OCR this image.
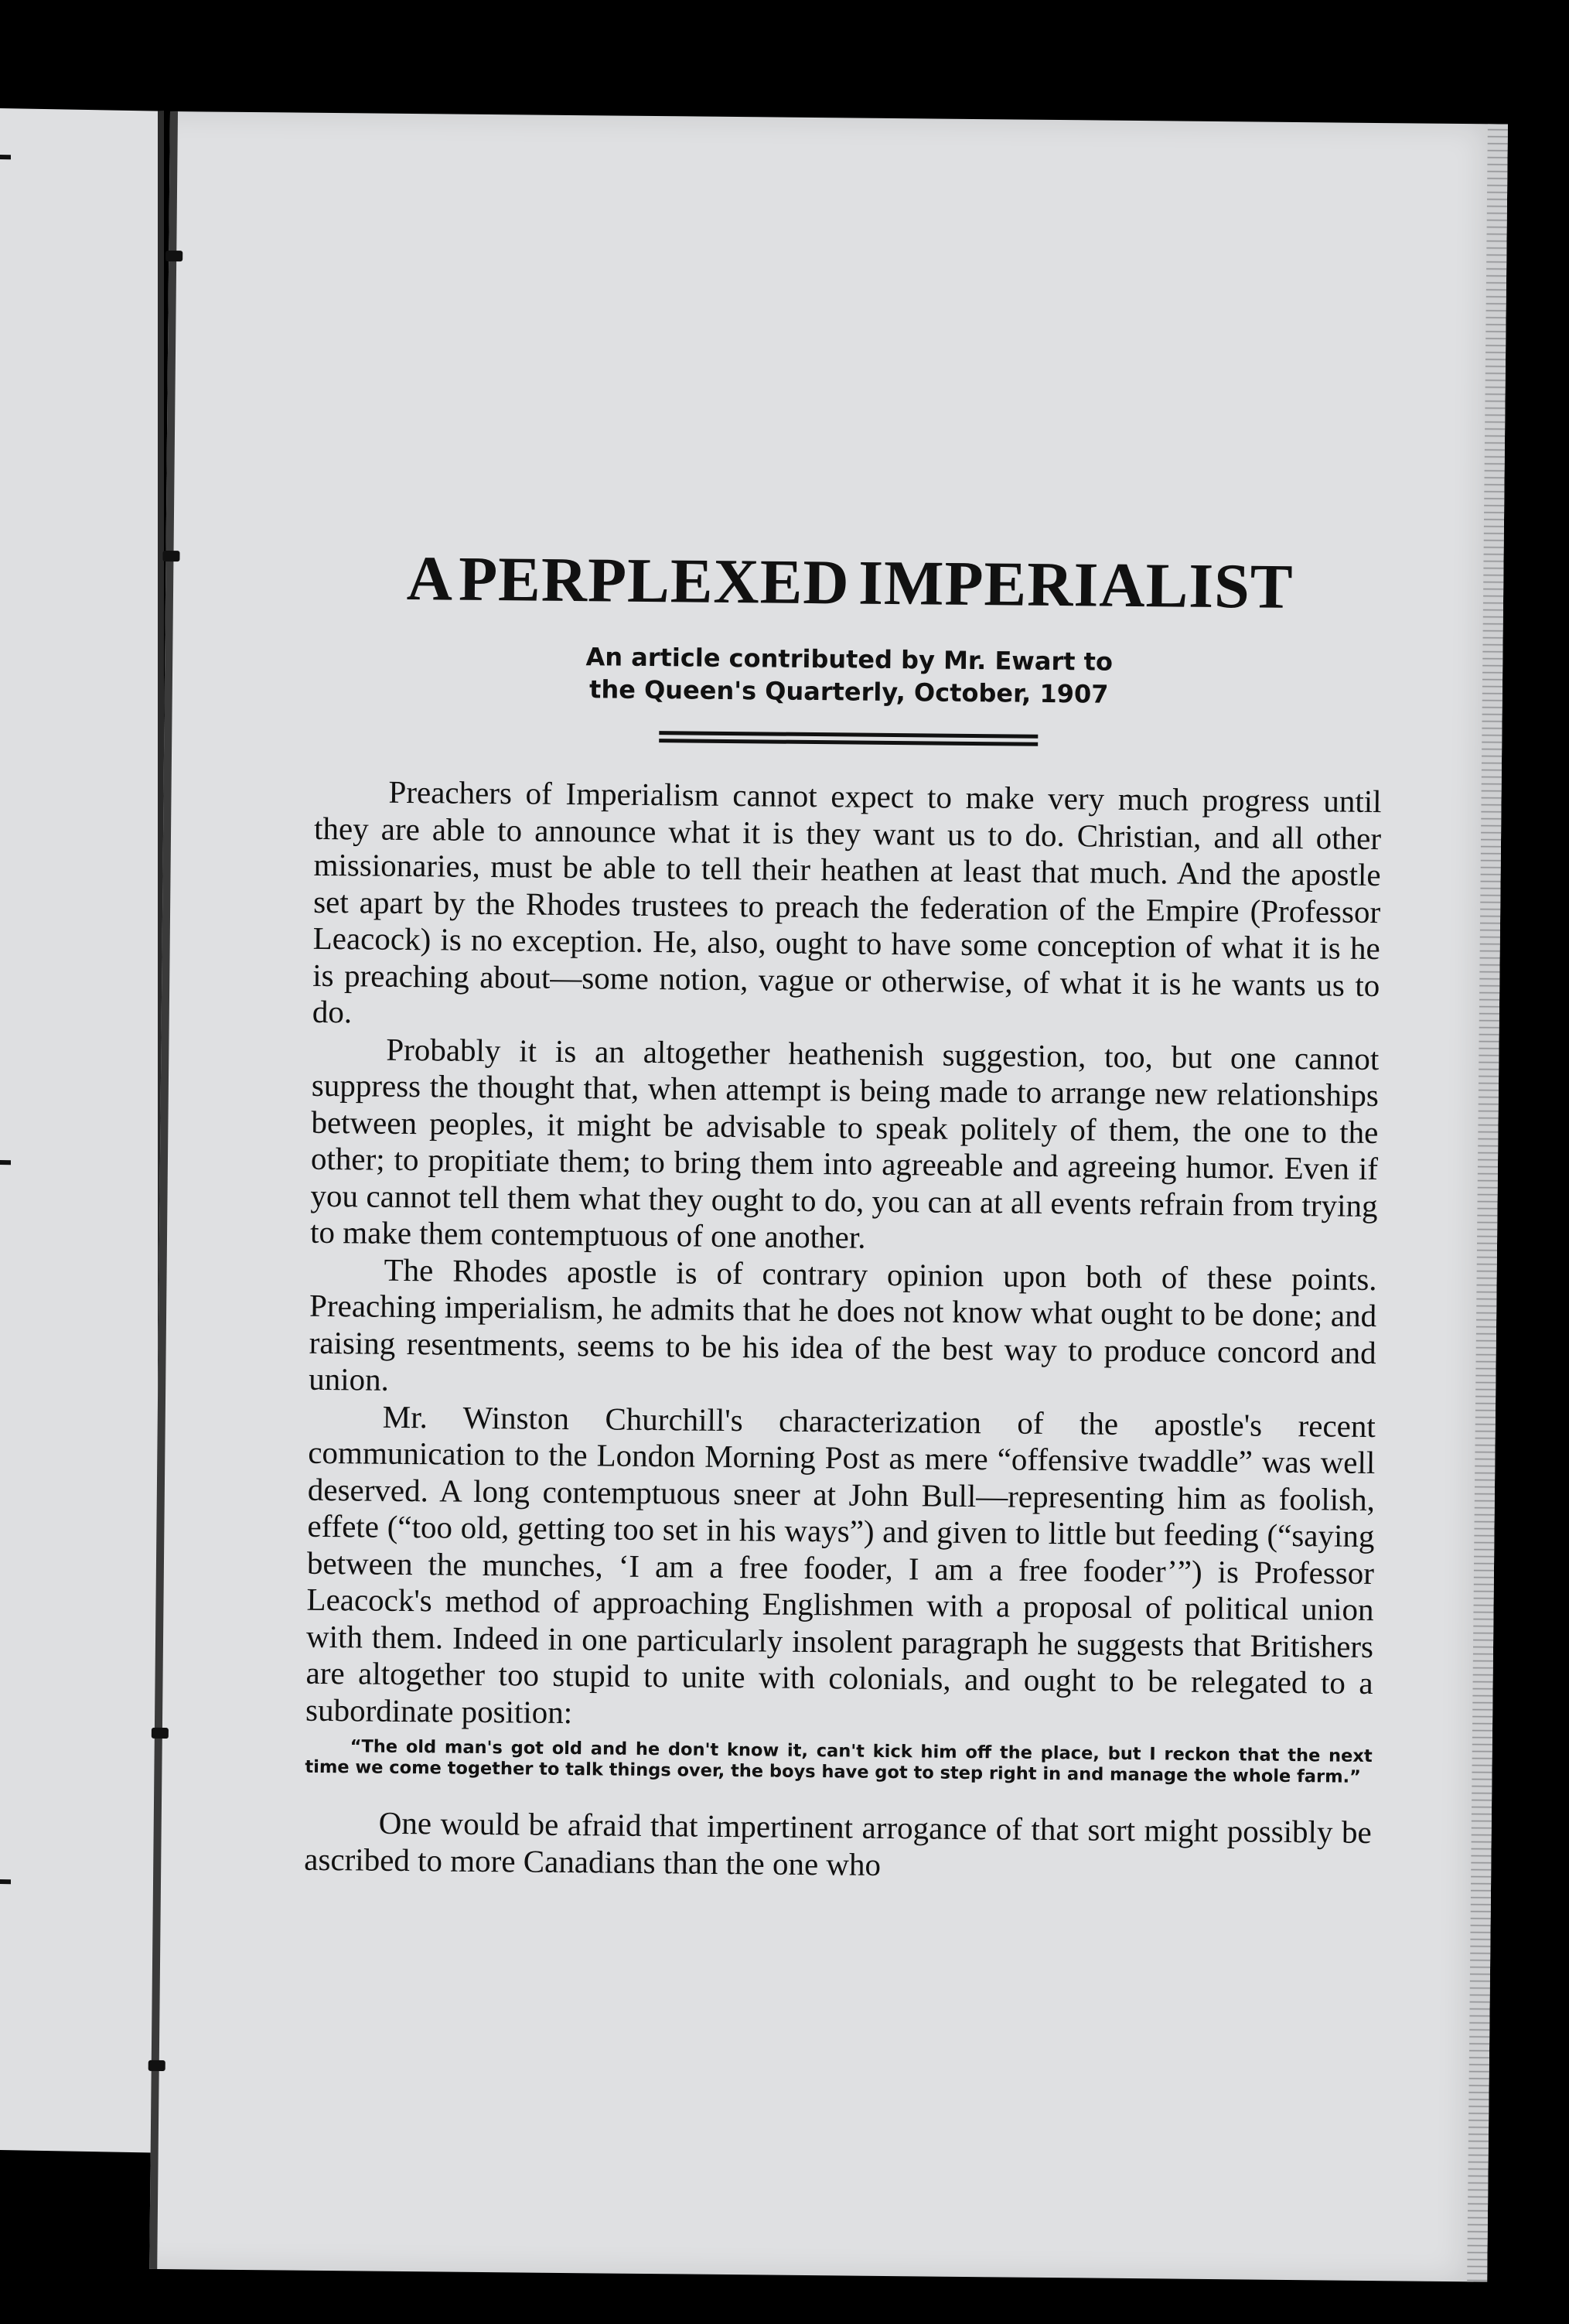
A PERPLEXED IMPERIALIST
An article contributed by Mr. Ewart to
the Queen's Quarterly, October, 1907

Preachers of Imperialism cannot expect to make very much progress until they are able to announce what it is they want us to do. Christian, and all other missionaries, must be able to tell their heathen at least that much. And the apostle set apart by the Rhodes trustees to preach the federation of the Empire (Professor Leacock) is no exception. He, also, ought to have some conception of what it is he is preaching about—some notion, vague or otherwise, of what it is he wants us to do.

Probably it is an altogether heathenish suggestion, too, but one cannot suppress the thought that, when attempt is being made to arrange new relationships between peoples, it might be advisable to speak politely of them, the one to the other; to propitiate them; to bring them into agreeable and agreeing humor. Even if you cannot tell them what they ought to do, you can at all events refrain from trying to make them contemptuous of one another.

The Rhodes apostle is of contrary opinion upon both of these points. Preaching imperialism, he admits that he does not know what ought to be done; and raising resentments, seems to be his idea of the best way to produce concord and union.

Mr. Winston Churchill's characterization of the apostle's recent communication to the London Morning Post as mere “offensive twaddle” was well deserved. A long contemptuous sneer at John Bull—representing him as foolish, effete (“too old, getting too set in his ways”) and given to little but feeding (“saying between the munches, ‘I am a free fooder, I am a free fooder’”) is Professor Leacock's method of approaching Englishmen with a proposal of political union with them. Indeed in one particularly insolent paragraph he suggests that Britishers are altogether too stupid to unite with colonials, and ought to be relegated to a subordinate position:

“The old man's got old and he don't know it, can't kick him off the place, but I reckon that the next time we come together to talk things over, the boys have got to step right in and manage the whole farm.”

One would be afraid that impertinent arrogance of that sort might possibly be ascribed to more Canadians than the one who
